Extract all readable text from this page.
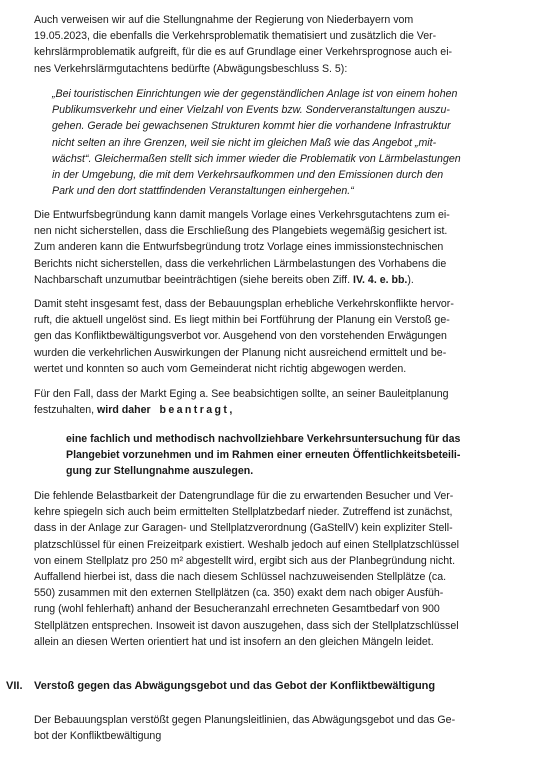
Auch verweisen wir auf die Stellungnahme der Regierung von Niederbayern vom
19.05.2023, die ebenfalls die Verkehrsproblematik thematisiert und zusätzlich die Ver-
kehrslärmproblematik aufgreift, für die es auf Grundlage einer Verkehrsprognose auch ei-
nes Verkehrslärmgutachtens bedürfte (Abwägungsbeschluss S. 5):

„Bei touristischen Einrichtungen wie der gegenständlichen Anlage ist von einem hohen
Publikumsverkehr und einer Vielzahl von Events bzw. Sonderveranstaltungen auszu-
gehen. Gerade bei gewachsenen Strukturen kommt hier die vorhandene Infrastruktur
nicht selten an ihre Grenzen, weil sie nicht im gleichen Maß wie das Angebot „mit-
wächst“. Gleichermaßen stellt sich immer wieder die Problematik von Lärmbelastungen
in der Umgebung, die mit dem Verkehrsaufkommen und den Emissionen durch den
Park und den dort stattfindenden Veranstaltungen einhergehen.“

Die Entwurfsbegründung kann damit mangels Vorlage eines Verkehrsgutachtens zum ei-
nen nicht sicherstellen, dass die Erschließung des Plangebiets wegemäßig gesichert ist.
Zum anderen kann die Entwurfsbegründung trotz Vorlage eines immissionstechnischen
Berichts nicht sicherstellen, dass die verkehrlichen Lärmbelastungen des Vorhabens die
Nachbarschaft unzumutbar beeinträchtigen (siehe bereits oben Ziff. IV. 4. e. bb.).

Damit steht insgesamt fest, dass der Bebauungsplan erhebliche Verkehrskonflikte hervor-
ruft, die aktuell ungelöst sind. Es liegt mithin bei Fortführung der Planung ein Verstoß ge-
gen das Konfliktbewältigungsverbot vor. Ausgehend von den vorstehenden Erwägungen
wurden die verkehrlichen Auswirkungen der Planung nicht ausreichend ermittelt und be-
wertet und konnten so auch vom Gemeinderat nicht richtig abgewogen werden.

Für den Fall, dass der Markt Eging a. See beabsichtigen sollte, an seiner Bauleitplanung
festzuhalten, wird daher beantragt,

eine fachlich und methodisch nachvollziehbare Verkehrsuntersuchung für das
Plangebiet vorzunehmen und im Rahmen einer erneuten Öffentlichkeitsbeteili-
gung zur Stellungnahme auszulegen.

Die fehlende Belastbarkeit der Datengrundlage für die zu erwartenden Besucher und Ver-
kehre spiegeln sich auch beim ermittelten Stellplatzbedarf nieder. Zutreffend ist zunächst,
dass in der Anlage zur Garagen- und Stellplatzverordnung (GaStellV) kein expliziter Stell-
platzschlüssel für einen Freizeitpark existiert. Weshalb jedoch auf einen Stellplatzschlüssel
von einem Stellplatz pro 250 m² abgestellt wird, ergibt sich aus der Planbegründung nicht.
Auffallend hierbei ist, dass die nach diesem Schlüssel nachzuweisenden Stellplätze (ca.
550) zusammen mit den externen Stellplätzen (ca. 350) exakt dem nach obiger Ausfüh-
rung (wohl fehlerhaft) anhand der Besucheranzahl errechneten Gesamtbedarf von 900
Stellplätzen entsprechen. Insoweit ist davon auszugehen, dass sich der Stellplatzschlüssel
allein an diesen Werten orientiert hat und ist insofern an den gleichen Mängeln leidet.

VII. Verstoß gegen das Abwägungsgebot und das Gebot der Konfliktbewältigung

Der Bebauungsplan verstößt gegen Planungsleitlinien, das Abwägungsgebot und das Ge-
bot der Konfliktbewältigung
